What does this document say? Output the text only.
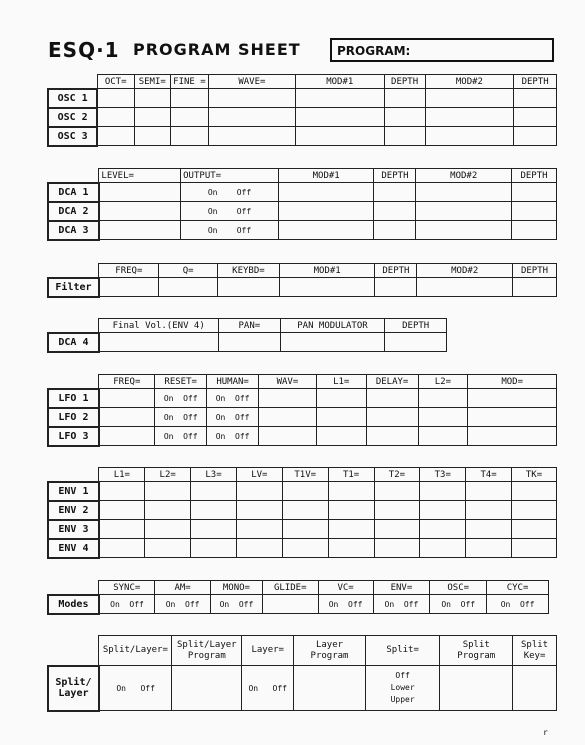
ESQ·1 PROGRAM SHEET	PROGRAM:
	OCT=	SEMI=	FINE =	WAVE=	MOD#1	DEPTH	MOD#2	DEPTH
OSC 1								
OSC 2								
OSC 3								
	LEVEL=	OUTPUT=	MOD#1	DEPTH	MOD#2	DEPTH
DCA 1		On Off				
DCA 2		On Off				
DCA 3		On Off				
	FREQ=	Q=	KEYBD=	MOD#1	DEPTH	MOD#2	DEPTH
Filter							
	Final Vol.(ENV 4)	PAN=	PAN MODULATOR	DEPTH
DCA 4				
	FREQ=	RESET=	HUMAN=	WAV=	L1=	DELAY=	L2=	MOD=
LFO 1		On Off	On Off					
LFO 2		On Off	On Off					
LFO 3		On Off	On Off					
	L1=	L2=	L3=	LV=	T1V=	T1=	T2=	T3=	T4=	TK=
ENV 1										
ENV 2										
ENV 3										
ENV 4										
	SYNC=	AM=	MONO=	GLIDE=	VC=	ENV=	OSC=	CYC=
Modes	On Off	On Off	On Off		On Off	On Off	On Off	On Off
	Split/Layer=	Split/Layer Program	Layer=	Layer Program	Split=	Split Program	Split Key=
Split/ Layer	On Off		On Off		Off
Lower
Upper		

r
